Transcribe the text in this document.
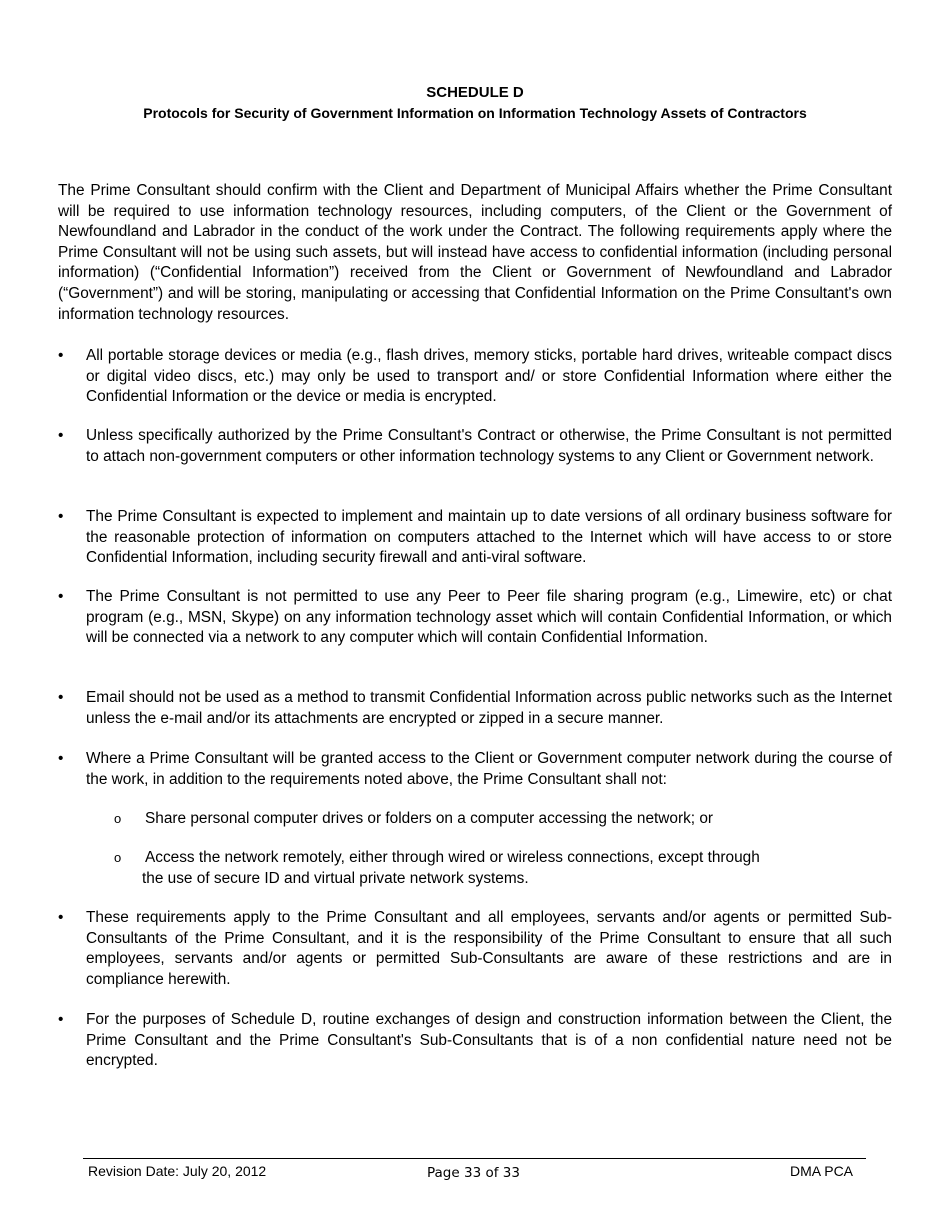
SCHEDULE D
Protocols for Security of Government Information on Information Technology Assets of Contractors
The Prime Consultant should confirm with the Client and Department of Municipal Affairs whether the Prime Consultant will be required to use information technology resources, including computers, of the Client or the Government of Newfoundland and Labrador in the conduct of the work under the Contract. The following requirements apply where the Prime Consultant will not be using such assets, but will instead have access to confidential information (including personal information) (“Confidential Information”) received from the Client or Government of Newfoundland and Labrador (“Government”) and will be storing, manipulating or accessing that Confidential Information on the Prime Consultant's own information technology resources.
•	All portable storage devices or media (e.g., flash drives, memory sticks, portable hard drives, writeable compact discs or digital video discs, etc.) may only be used to transport and/ or store Confidential Information where either the Confidential Information or the device or media is encrypted.
•	Unless specifically authorized by the Prime Consultant's Contract or otherwise, the Prime Consultant is not permitted to attach non-government computers or other information technology systems to any Client or Government network.
•	The Prime Consultant is expected to implement and maintain up to date versions of all ordinary business software for the reasonable protection of information on computers attached to the Internet which will have access to or store Confidential Information, including security firewall and anti-viral software.
•	The Prime Consultant is not permitted to use any Peer to Peer file sharing program (e.g., Limewire, etc) or chat program (e.g., MSN, Skype) on any information technology asset which will contain Confidential Information, or which will be connected via a network to any computer which will contain Confidential Information.
•	Email should not be used as a method to transmit Confidential Information across public networks such as the Internet unless the e-mail and/or its attachments are encrypted or zipped in a secure manner.
•	Where a Prime Consultant will be granted access to the Client or Government computer network during the course of the work, in addition to the requirements noted above, the Prime Consultant shall not:
o Share personal computer drives or folders on a computer accessing the network; or
o Access the network remotely, either through wired or wireless connections, except through
the use of secure ID and virtual private network systems.
•	These requirements apply to the Prime Consultant and all employees, servants and/or agents or permitted Sub-Consultants of the Prime Consultant, and it is the responsibility of the Prime Consultant to ensure that all such employees, servants and/or agents or permitted Sub-Consultants are aware of these restrictions and are in compliance herewith.
•	For the purposes of Schedule D, routine exchanges of design and construction information between the Client, the Prime Consultant and the Prime Consultant's Sub-Consultants that is of a non confidential nature need not be encrypted.
Revision Date: July 20, 2012	Page 33 of 33	DMA PCA
